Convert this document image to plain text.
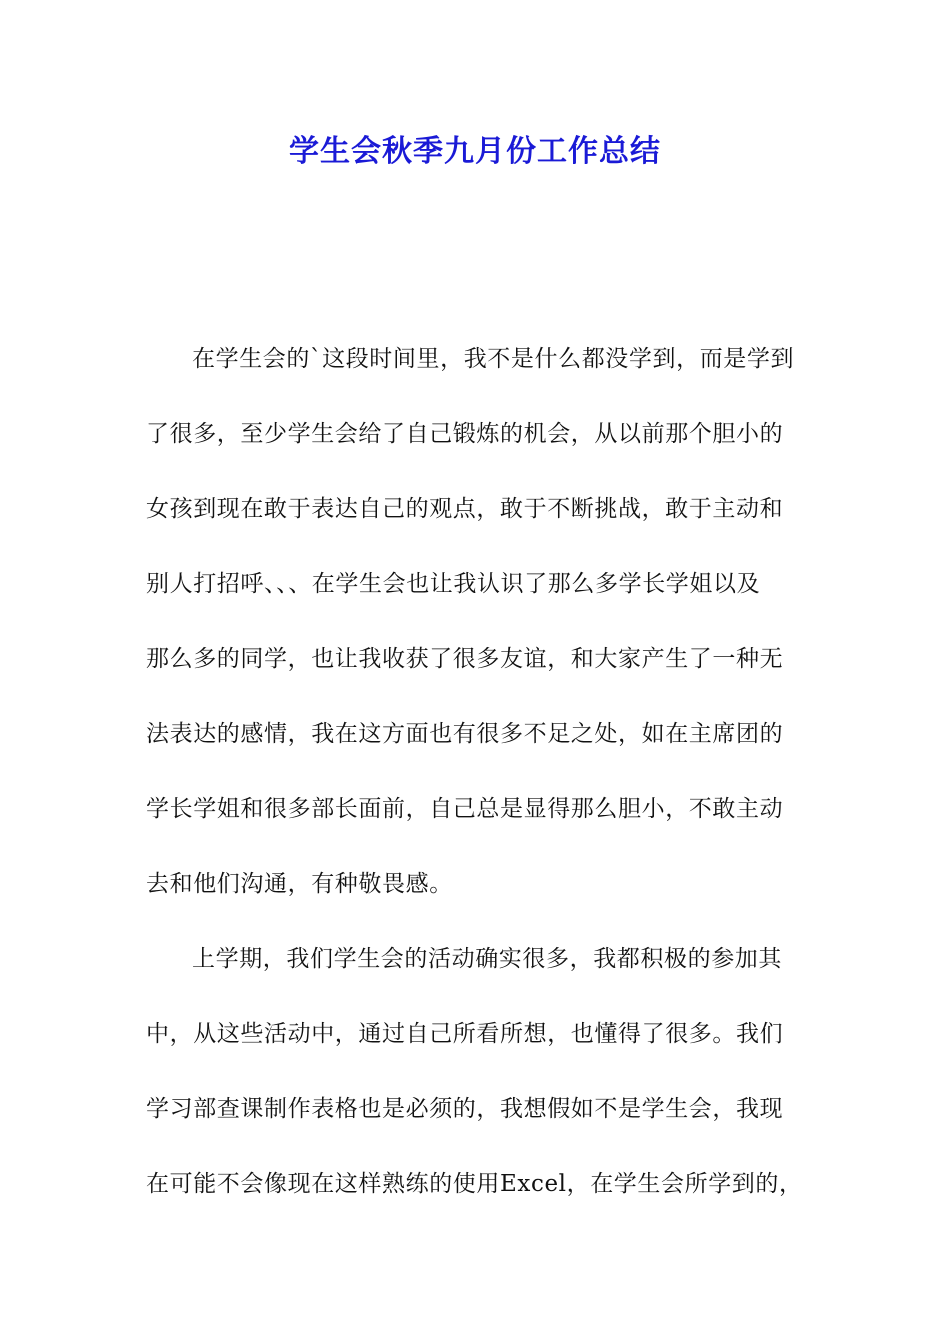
学生会秋季九月份工作总结
在学生会的`这段时间里，我不是什么都没学到，而是学到
了很多，至少学生会给了自己锻炼的机会，从以前那个胆小的
女孩到现在敢于表达自己的观点，敢于不断挑战，敢于主动和
别人打招呼、、、在学生会也让我认识了那么多学长学姐以及
那么多的同学，也让我收获了很多友谊，和大家产生了一种无
法表达的感情，我在这方面也有很多不足之处，如在主席团的
学长学姐和很多部长面前，自己总是显得那么胆小，不敢主动
去和他们沟通，有种敬畏感。
上学期，我们学生会的活动确实很多，我都积极的参加其
中，从这些活动中，通过自己所看所想，也懂得了很多。我们
学习部查课制作表格也是必须的，我想假如不是学生会，我现
在可能不会像现在这样熟练的使用Excel，在学生会所学到的，
